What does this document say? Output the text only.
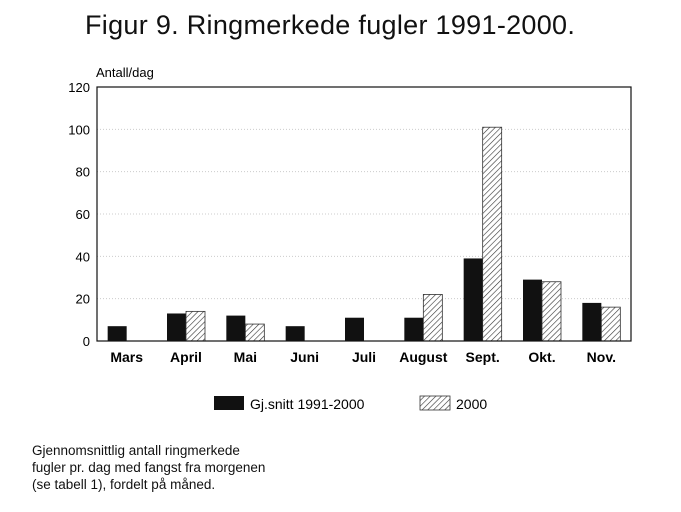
Figur 9. Ringmerkede fugler 1991-2000.
Antall/dag
0
20
40
60
80
100
120
Mars April Mai Juni Juli August Sept. Okt. Nov.
Gj.snitt 1991-2000	2000
Gjennomsnittlig antall ringmerkede
fugler pr. dag med fangst fra morgenen
(se tabell 1), fordelt på måned.
